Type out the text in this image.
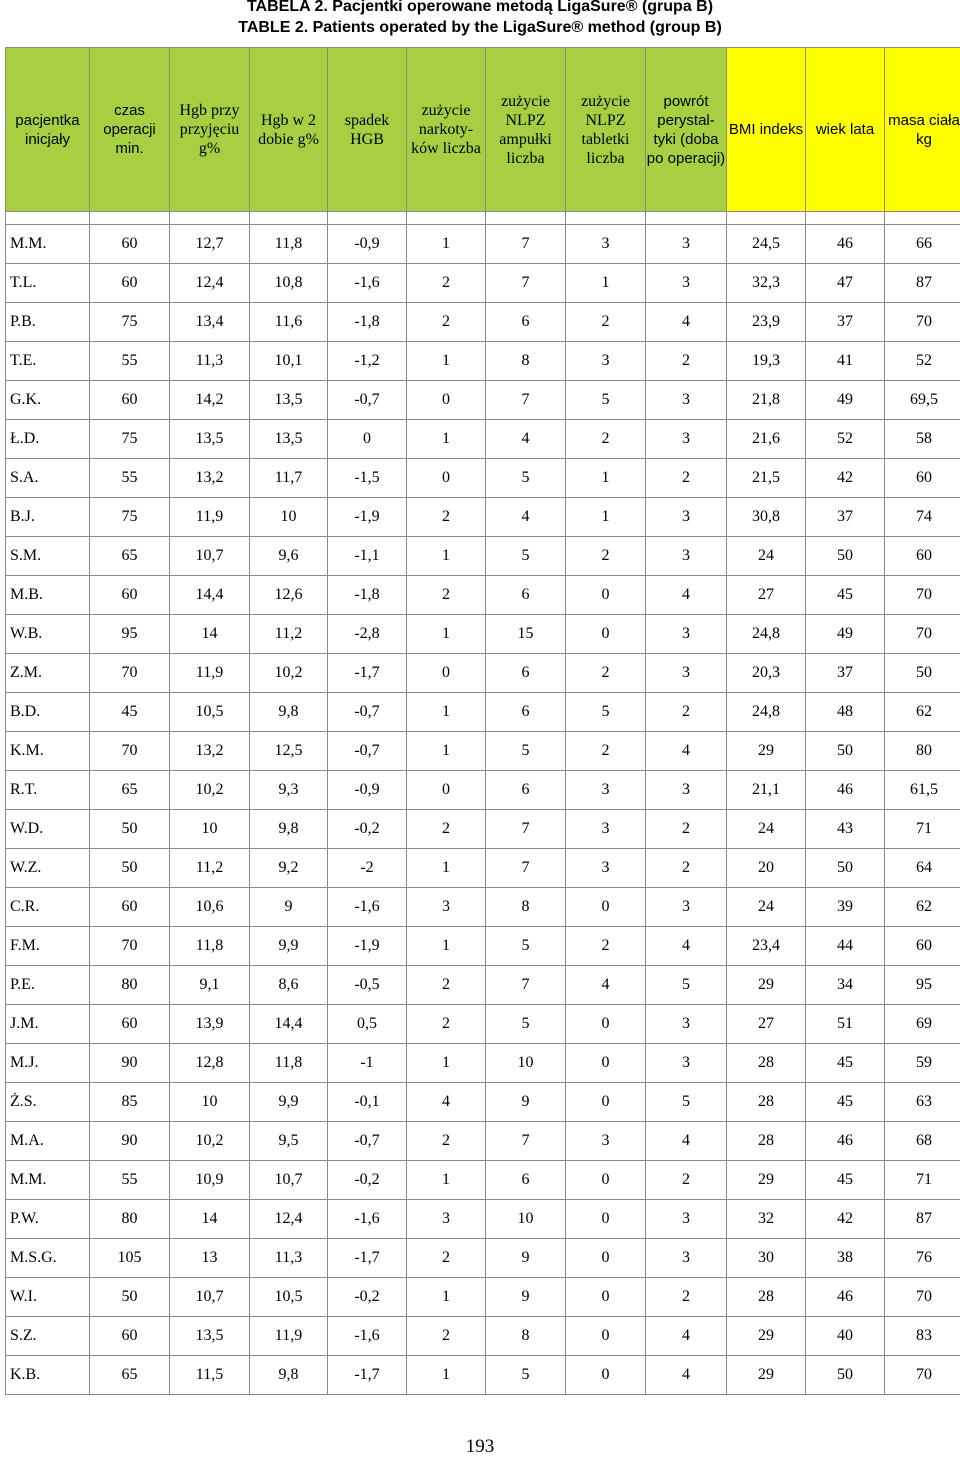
TABELA 2. Pacjentki operowane metodą LigaSure® (grupa B)
TABLE 2. Patients operated by the LigaSure® method (group B)
pacjentka inicjały	czas operacji min.	Hgb przy przyjęciu g%	Hgb w 2 dobie g%	spadek HGB	zużycie narkoty-ków liczba	zużycie NLPZ ampułki liczba	zużycie NLPZ tabletki liczba	powrót perystal-tyki (doba po operacji)	BMI indeks	wiek lata	masa ciała kg

M.M.	60	12,7	11,8	-0,9	1	7	3	3	24,5	46	66
T.L.	60	12,4	10,8	-1,6	2	7	1	3	32,3	47	87
P.B.	75	13,4	11,6	-1,8	2	6	2	4	23,9	37	70
T.E.	55	11,3	10,1	-1,2	1	8	3	2	19,3	41	52
G.K.	60	14,2	13,5	-0,7	0	7	5	3	21,8	49	69,5
Ł.D.	75	13,5	13,5	0	1	4	2	3	21,6	52	58
S.A.	55	13,2	11,7	-1,5	0	5	1	2	21,5	42	60
B.J.	75	11,9	10	-1,9	2	4	1	3	30,8	37	74
S.M.	65	10,7	9,6	-1,1	1	5	2	3	24	50	60
M.B.	60	14,4	12,6	-1,8	2	6	0	4	27	45	70
W.B.	95	14	11,2	-2,8	1	15	0	3	24,8	49	70
Z.M.	70	11,9	10,2	-1,7	0	6	2	3	20,3	37	50
B.D.	45	10,5	9,8	-0,7	1	6	5	2	24,8	48	62
K.M.	70	13,2	12,5	-0,7	1	5	2	4	29	50	80
R.T.	65	10,2	9,3	-0,9	0	6	3	3	21,1	46	61,5
W.D.	50	10	9,8	-0,2	2	7	3	2	24	43	71
W.Z.	50	11,2	9,2	-2	1	7	3	2	20	50	64
C.R.	60	10,6	9	-1,6	3	8	0	3	24	39	62
F.M.	70	11,8	9,9	-1,9	1	5	2	4	23,4	44	60
P.E.	80	9,1	8,6	-0,5	2	7	4	5	29	34	95
J.M.	60	13,9	14,4	0,5	2	5	0	3	27	51	69
M.J.	90	12,8	11,8	-1	1	10	0	3	28	45	59
Ż.S.	85	10	9,9	-0,1	4	9	0	5	28	45	63
M.A.	90	10,2	9,5	-0,7	2	7	3	4	28	46	68
M.M.	55	10,9	10,7	-0,2	1	6	0	2	29	45	71
P.W.	80	14	12,4	-1,6	3	10	0	3	32	42	87
M.S.G.	105	13	11,3	-1,7	2	9	0	3	30	38	76
W.I.	50	10,7	10,5	-0,2	1	9	0	2	28	46	70
S.Z.	60	13,5	11,9	-1,6	2	8	0	4	29	40	83
K.B.	65	11,5	9,8	-1,7	1	5	0	4	29	50	70
193
